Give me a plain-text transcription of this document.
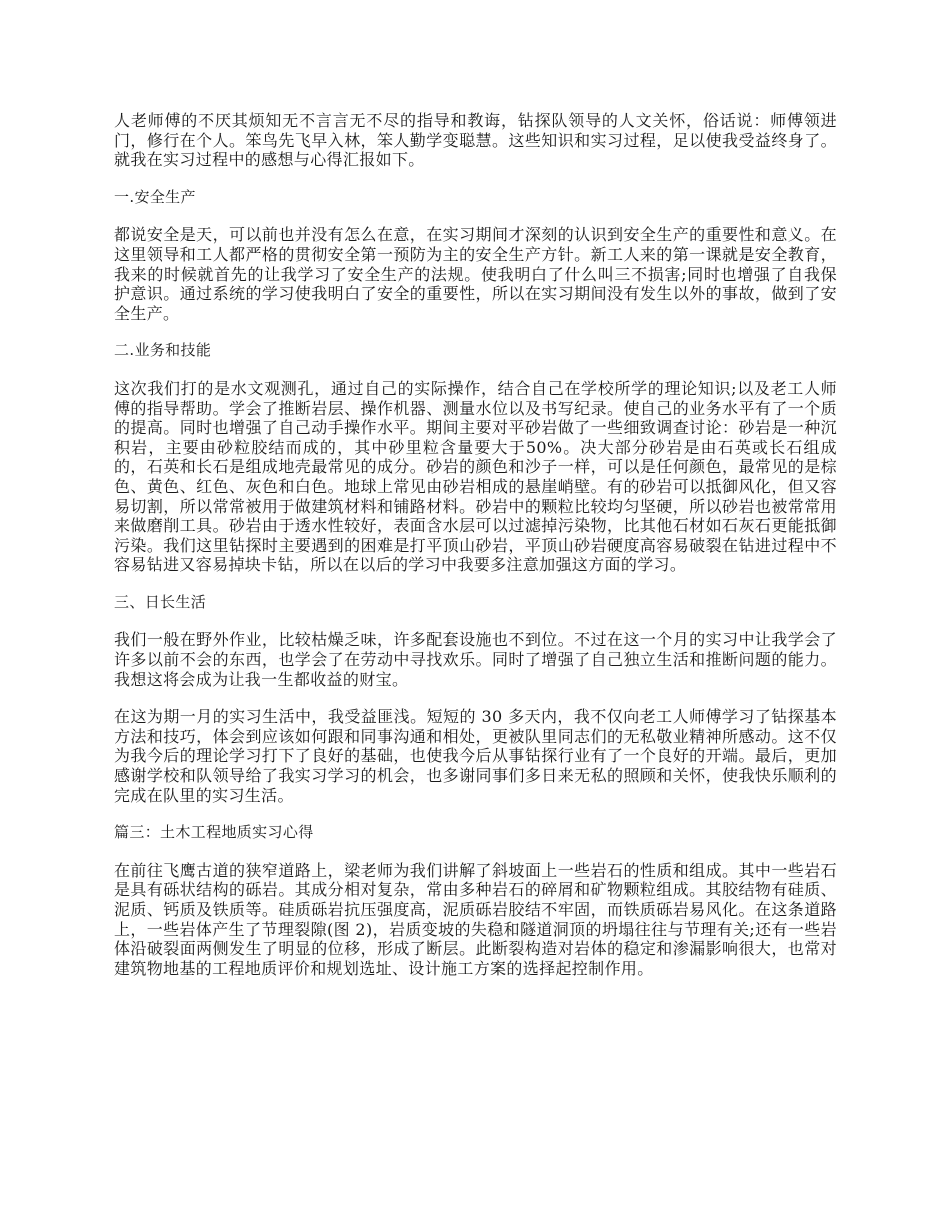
人老师傅的不厌其烦知无不言言无不尽的指导和教诲，钻探队领导的人文关怀，俗话说：师傅领进门，修行在个人。笨鸟先飞早入林，笨人勤学变聪慧。这些知识和实习过程，足以使我受益终身了。就我在实习过程中的感想与心得汇报如下。

一.安全生产

都说安全是天，可以前也并没有怎么在意，在实习期间才深刻的认识到安全生产的重要性和意义。在这里领导和工人都严格的贯彻安全第一预防为主的安全生产方针。新工人来的第一课就是安全教育，我来的时候就首先的让我学习了安全生产的法规。使我明白了什么叫三不损害;同时也增强了自我保护意识。通过系统的学习使我明白了安全的重要性，所以在实习期间没有发生以外的事故，做到了安全生产。

二.业务和技能

这次我们打的是水文观测孔，通过自己的实际操作，结合自己在学校所学的理论知识;以及老工人师傅的指导帮助。学会了推断岩层、操作机器、测量水位以及书写纪录。使自己的业务水平有了一个质的提高。同时也增强了自己动手操作水平。期间主要对平砂岩做了一些细致调查讨论：砂岩是一种沉积岩，主要由砂粒胶结而成的，其中砂里粒含量要大于50%。决大部分砂岩是由石英或长石组成的，石英和长石是组成地壳最常见的成分。砂岩的颜色和沙子一样，可以是任何颜色，最常见的是棕色、黄色、红色、灰色和白色。地球上常见由砂岩相成的悬崖峭壁。有的砂岩可以抵御风化，但又容易切割，所以常常被用于做建筑材料和铺路材料。砂岩中的颗粒比较均匀坚硬，所以砂岩也被常常用来做磨削工具。砂岩由于透水性较好，表面含水层可以过滤掉污染物，比其他石材如石灰石更能抵御污染。我们这里钻探时主要遇到的困难是打平顶山砂岩，平顶山砂岩硬度高容易破裂在钻进过程中不容易钻进又容易掉块卡钻，所以在以后的学习中我要多注意加强这方面的学习。

三、日长生活

我们一般在野外作业，比较枯燥乏味，许多配套设施也不到位。不过在这一个月的实习中让我学会了许多以前不会的东西，也学会了在劳动中寻找欢乐。同时了增强了自己独立生活和推断问题的能力。我想这将会成为让我一生都收益的财宝。

在这为期一月的实习生活中，我受益匪浅。短短的 30 多天内，我不仅向老工人师傅学习了钻探基本方法和技巧，体会到应该如何跟和同事沟通和相处，更被队里同志们的无私敬业精神所感动。这不仅为我今后的理论学习打下了良好的基础，也使我今后从事钻探行业有了一个良好的开端。最后，更加感谢学校和队领导给了我实习学习的机会，也多谢同事们多日来无私的照顾和关怀，使我快乐顺利的完成在队里的实习生活。

篇三：土木工程地质实习心得

在前往飞鹰古道的狭窄道路上，梁老师为我们讲解了斜坡面上一些岩石的性质和组成。其中一些岩石是具有砾状结构的砾岩。其成分相对复杂，常由多种岩石的碎屑和矿物颗粒组成。其胶结物有硅质、泥质、钙质及铁质等。硅质砾岩抗压强度高，泥质砾岩胶结不牢固，而铁质砾岩易风化。在这条道路上，一些岩体产生了节理裂隙(图 2)，岩质变坡的失稳和隧道洞顶的坍塌往往与节理有关;还有一些岩体沿破裂面两侧发生了明显的位移，形成了断层。此断裂构造对岩体的稳定和渗漏影响很大，也常对建筑物地基的工程地质评价和规划选址、设计施工方案的选择起控制作用。
